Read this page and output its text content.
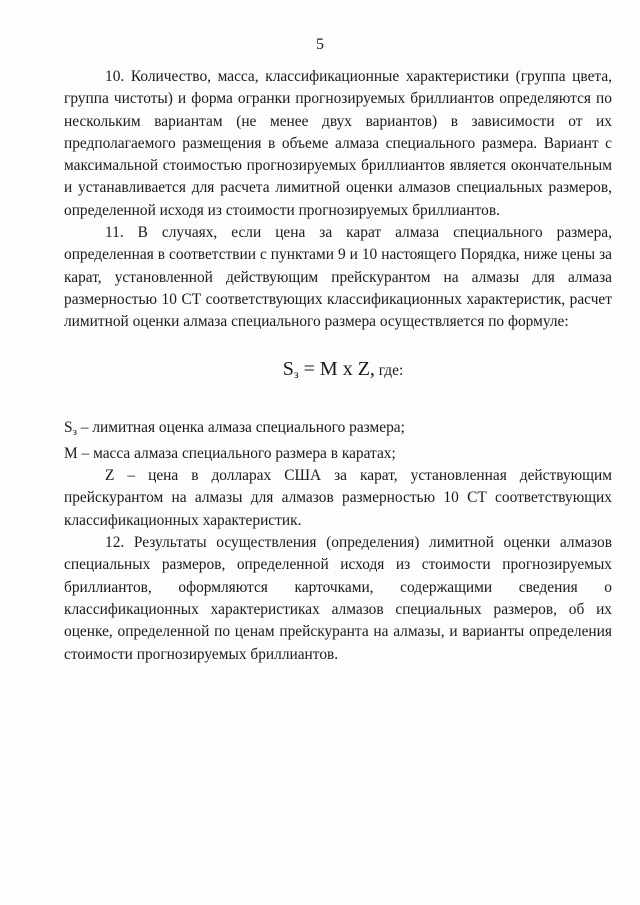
5

10. Количество, масса, классификационные характеристики (группа цвета, группа чистоты) и форма огранки прогнозируемых бриллиантов определяются по нескольким вариантам (не менее двух вариантов) в зависимости от их предполагаемого размещения в объеме алмаза специального размера. Вариант с максимальной стоимостью прогнозируемых бриллиантов является окончательным и устанавливается для расчета лимитной оценки алмазов специальных размеров, определенной исходя из стоимости прогнозируемых бриллиантов.

11. В случаях, если цена за карат алмаза специального размера, определенная в соответствии с пунктами 9 и 10 настоящего Порядка, ниже цены за карат, установленной действующим прейскурантом на алмазы для алмаза размерностью 10 СТ соответствующих классификационных характеристик, расчет лимитной оценки алмаза специального размера осуществляется по формуле:

$S_з = M$ x Z, где:

$S_з$ – лимитная оценка алмаза специального размера;

М – масса алмаза специального размера в каратах;

Z – цена в долларах США за карат, установленная действующим прейскурантом на алмазы для алмазов размерностью 10 СТ соответствующих классификационных характеристик.

12. Результаты осуществления (определения) лимитной оценки алмазов специальных размеров, определенной исходя из стоимости прогнозируемых бриллиантов, оформляются карточками, содержащими сведения о классификационных характеристиках алмазов специальных размеров, об их оценке, определенной по ценам прейскуранта на алмазы, и варианты определения стоимости прогнозируемых бриллиантов.
